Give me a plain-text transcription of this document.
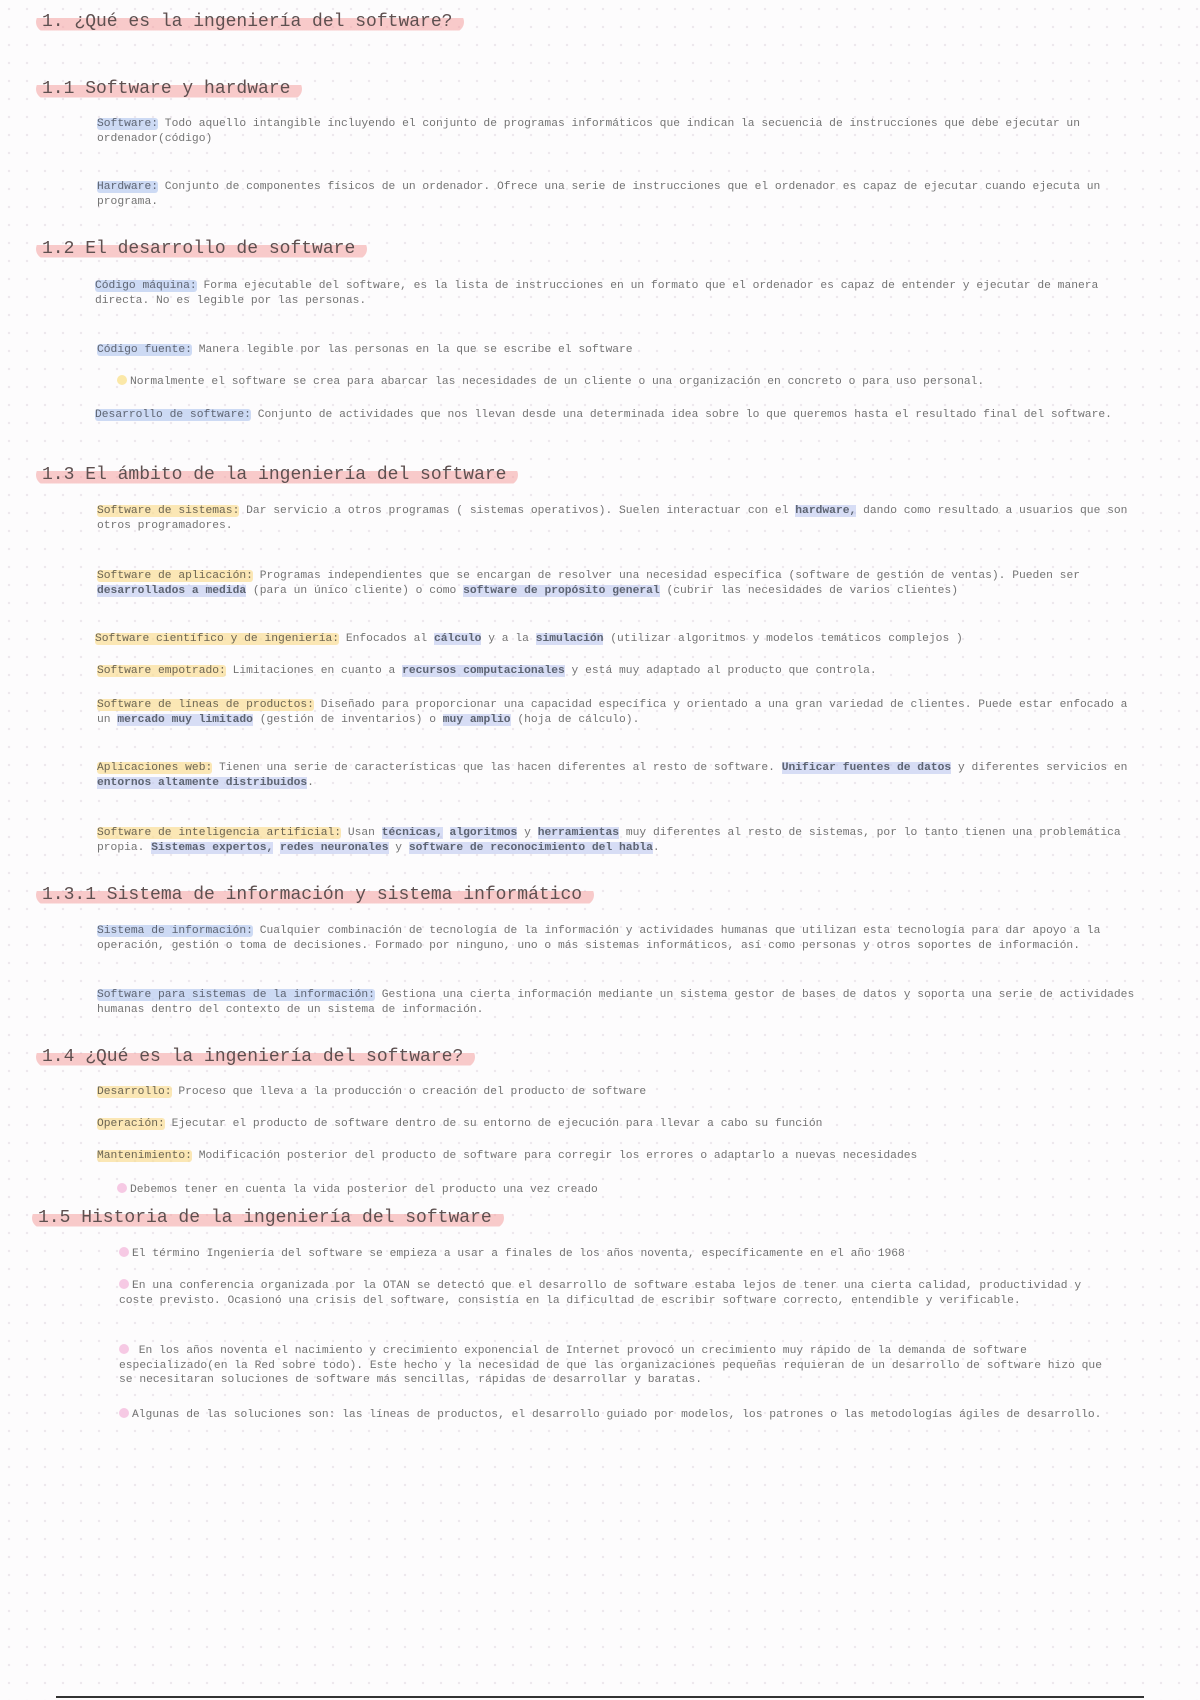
1. ¿Qué es la ingeniería del software?
1.1 Software y hardware

Software: Todo aquello intangible incluyendo el conjunto de programas informáticos que indican la secuencia de instrucciones que debe ejecutar un ordenador(código)

Hardware: Conjunto de componentes físicos de un ordenador. Ofrece una serie de instrucciones que el ordenador es capaz de ejecutar cuando ejecuta un programa.

1.2 El desarrollo de software

Código máquina: Forma ejecutable del software, es la lista de instrucciones en un formato que el ordenador es capaz de entender y ejecutar de manera directa. No es legible por las personas.

Código fuente: Manera legible por las personas en la que se escribe el software

Normalmente el software se crea para abarcar las necesidades de un cliente o una organización en concreto o para uso personal.

Desarrollo de software: Conjunto de actividades que nos llevan desde una determinada idea sobre lo que queremos hasta el resultado final del software.

1.3 El ámbito de la ingeniería del software

Software de sistemas: Dar servicio a otros programas ( sistemas operativos). Suelen interactuar con el hardware, dando como resultado a usuarios que son otros programadores.

Software de aplicación: Programas independientes que se encargan de resolver una necesidad específica (software de gestión de ventas). Pueden ser desarrollados a medida (para un único cliente) o como software de propósito general (cubrir las necesidades de varios clientes)

Software científico y de ingeniería: Enfocados al cálculo y a la simulación (utilizar algoritmos y modelos temáticos complejos )

Software empotrado: Limitaciones en cuanto a recursos computacionales y está muy adaptado al producto que controla.

Software de líneas de productos: Diseñado para proporcionar una capacidad específica y orientado a una gran variedad de clientes. Puede estar enfocado a un mercado muy limitado (gestión de inventarios) o muy amplio (hoja de cálculo).

Aplicaciones web: Tienen una serie de características que las hacen diferentes al resto de software. Unificar fuentes de datos y diferentes servicios en entornos altamente distribuidos.

Software de inteligencia artificial: Usan técnicas, algoritmos y herramientas muy diferentes al resto de sistemas, por lo tanto tienen una problemática propia. Sistemas expertos, redes neuronales y software de reconocimiento del habla.

1.3.1 Sistema de información y sistema informático

Sistema de información: Cualquier combinación de tecnología de la información y actividades humanas que utilizan esta tecnología para dar apoyo a la operación, gestión o toma de decisiones. Formado por ninguno, uno o más sistemas informáticos, así como personas y otros soportes de información.

Software para sistemas de la información: Gestiona una cierta información mediante un sistema gestor de bases de datos y soporta una serie de actividades humanas dentro del contexto de un sistema de información.

1.4 ¿Qué es la ingeniería del software?

Desarrollo: Proceso que lleva a la producción o creación del producto de software

Operación: Ejecutar el producto de software dentro de su entorno de ejecución para llevar a cabo su función

Mantenimiento: Modificación posterior del producto de software para corregir los errores o adaptarlo a nuevas necesidades

Debemos tener en cuenta la vida posterior del producto una vez creado

1.5 Historia de la ingeniería del software

El término Ingeniería del software se empieza a usar a finales de los años noventa, específicamente en el año 1968

En una conferencia organizada por la OTAN se detectó que el desarrollo de software estaba lejos de tener una cierta calidad, productividad y coste previsto. Ocasionó una crisis del software, consistía en la dificultad de escribir software correcto, entendible y verificable.

En los años noventa el nacimiento y crecimiento exponencial de Internet provocó un crecimiento muy rápido de la demanda de software especializado(en la Red sobre todo). Este hecho y la necesidad de que las organizaciones pequeñas requieran de un desarrollo de software hizo que se necesitaran soluciones de software más sencillas, rápidas de desarrollar y baratas.

Algunas de las soluciones son: las líneas de productos, el desarrollo guiado por modelos, los patrones o las metodologías ágiles de desarrollo.
